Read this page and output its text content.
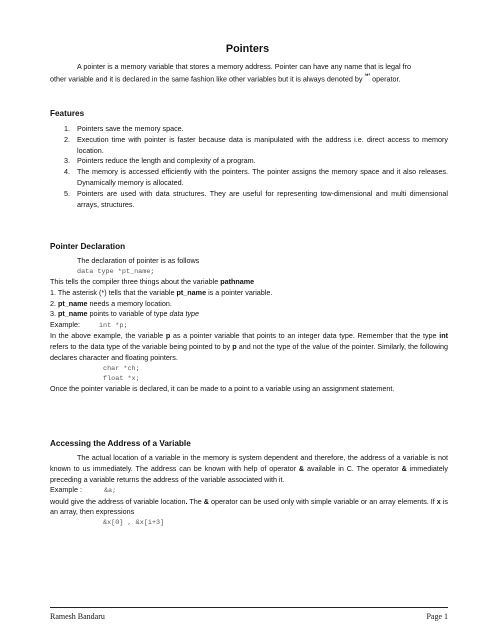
Pointers
A pointer is a memory variable that stores a memory address. Pointer can have any name that is legal fro
other variable and it is declared in the same fashion like other variables but it is always denoted by ‘*’ operator.
Features
1. Pointers save the memory space.
2. Execution time with pointer is faster because data is manipulated with the address i.e. direct access to memory location.
3. Pointers reduce the length and complexity of a program.
4. The memory is accessed efficiently with the pointers. The pointer assigns the memory space and it also releases. Dynamically memory is allocated.
5. Pointers are used with data structures. They are useful for representing tow-dimensional and multi dimensional arrays, structures.
Pointer Declaration
The declaration of pointer is as follows
data type *pt_name;
This tells the compiler three things about the variable pathname
1. The asterisk (*) tells that the variable pt_name is a pointer variable.
2. pt_name needs a memory location.
3. pt_name points to variable of type data type
Example:	int *p;
In the above example, the variable p as a pointer variable that points to an integer data type. Remember that the type int refers to the data type of the variable being pointed to by p and not the type of the value of the pointer. Similarly, the following declares character and floating pointers.
char *ch;
float *x;
Once the pointer variable is declared, it can be made to a point to a variable using an assignment statement.
Accessing the Address of a Variable
The actual location of a variable in the memory is system dependent and therefore, the address of a variable is not known to us immediately. The address can be known with help of operator & available in C. The operator & immediately preceding a variable returns the address of the variable associated with it.
Example :	&a;
would give the address of variable location. The & operator can be used only with simple variable or an array elements. If x is an array, then expressions
&x[0] , &x[i+3]
Ramesh Bandaru	Page 1
